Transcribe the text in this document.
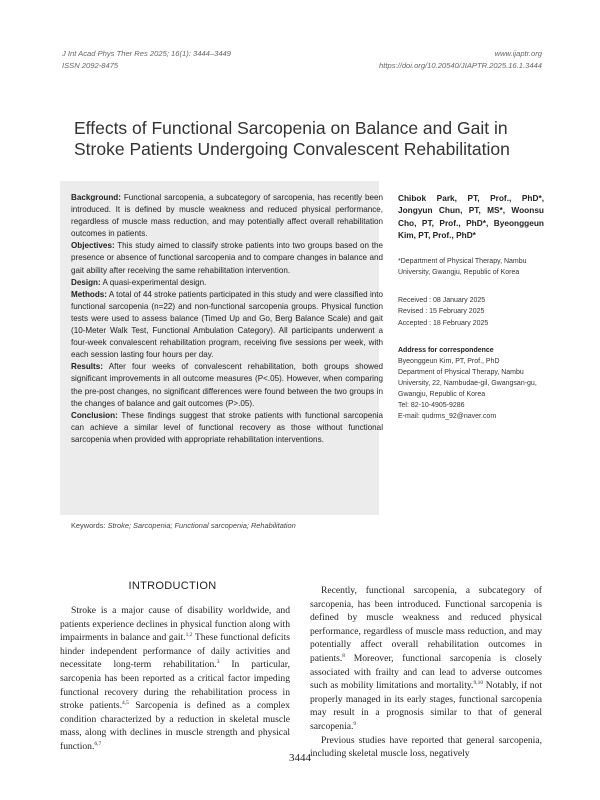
J Int Acad Phys Ther Res 2025; 16(1): 3444–3449
ISSN 2092-8475
www.ijaptr.org
https://doi.org/10.20540/JIAPTR.2025.16.1.3444
Effects of Functional Sarcopenia on Balance and Gait in Stroke Patients Undergoing Convalescent Rehabilitation

Background: Functional sarcopenia, a subcategory of sarcopenia, has recently been introduced. It is defined by muscle weakness and reduced physical performance, regardless of muscle mass reduction, and may potentially affect overall rehabilitation outcomes in patients.

Objectives: This study aimed to classify stroke patients into two groups based on the presence or absence of functional sarcopenia and to compare changes in balance and gait ability after receiving the same rehabilitation intervention.

Design: A quasi-experimental design.

Methods: A total of 44 stroke patients participated in this study and were classified into functional sarcopenia (n=22) and non-functional sarcopenia groups. Physical function tests were used to assess balance (Timed Up and Go, Berg Balance Scale) and gait (10-Meter Walk Test, Functional Ambulation Category). All participants underwent a four-week convalescent rehabilitation program, receiving five sessions per week, with each session lasting four hours per day.

Results: After four weeks of convalescent rehabilitation, both groups showed significant improvements in all outcome measures (P<.05). However, when comparing the pre-post changes, no significant differences were found between the two groups in the changes of balance and gait outcomes (P>.05).

Conclusion: These findings suggest that stroke patients with functional sarcopenia can achieve a similar level of functional recovery as those without functional sarcopenia when provided with appropriate rehabilitation interventions.

Keywords: Stroke; Sarcopenia; Functional sarcopenia; Rehabilitation
Chibok Park, PT, Prof., PhD*, Jongyun Chun, PT, MS*, Woonsu Cho, PT, Prof., PhD*, Byeonggeun Kim, PT, Prof., PhD*
*Department of Physical Therapy, Nambu University, Gwangju, Republic of Korea
Received : 08 January 2025
Revised : 15 February 2025
Accepted : 18 February 2025
Address for correspondence
Byeonggeun Kim, PT, Prof., PhD
Department of Physical Therapy, Nambu University, 22, Nambudae-gil, Gwangsan-gu, Gwangju, Republic of Korea
Tel: 82-10-4905-9286
E-mail: qudrms_92@naver.com
INTRODUCTION

Stroke is a major cause of disability worldwide, and patients experience declines in physical function along with impairments in balance and gait.$^{1,2}$ These functional deficits hinder independent performance of daily activities and necessitate long-term rehabilitation.$^3$ In particular, sarcopenia has been reported as a critical factor impeding functional recovery during the rehabilitation process in stroke patients.$^{4,5}$ Sarcopenia is defined as a complex condition characterized by a reduction in skeletal muscle mass, along with declines in muscle strength and physical function.$^{6,7}$

Recently, functional sarcopenia, a subcategory of sarcopenia, has been introduced. Functional sarcopenia is defined by muscle weakness and reduced physical performance, regardless of muscle mass reduction, and may potentially affect overall rehabilitation outcomes in patients.$^8$ Moreover, functional sarcopenia is closely associated with frailty and can lead to adverse outcomes such as mobility limitations and mortality.$^{9,10}$ Notably, if not properly managed in its early stages, functional sarcopenia may result in a prognosis similar to that of general sarcopenia.$^9$

Previous studies have reported that general sarcopenia, including skeletal muscle loss, negatively

3444
